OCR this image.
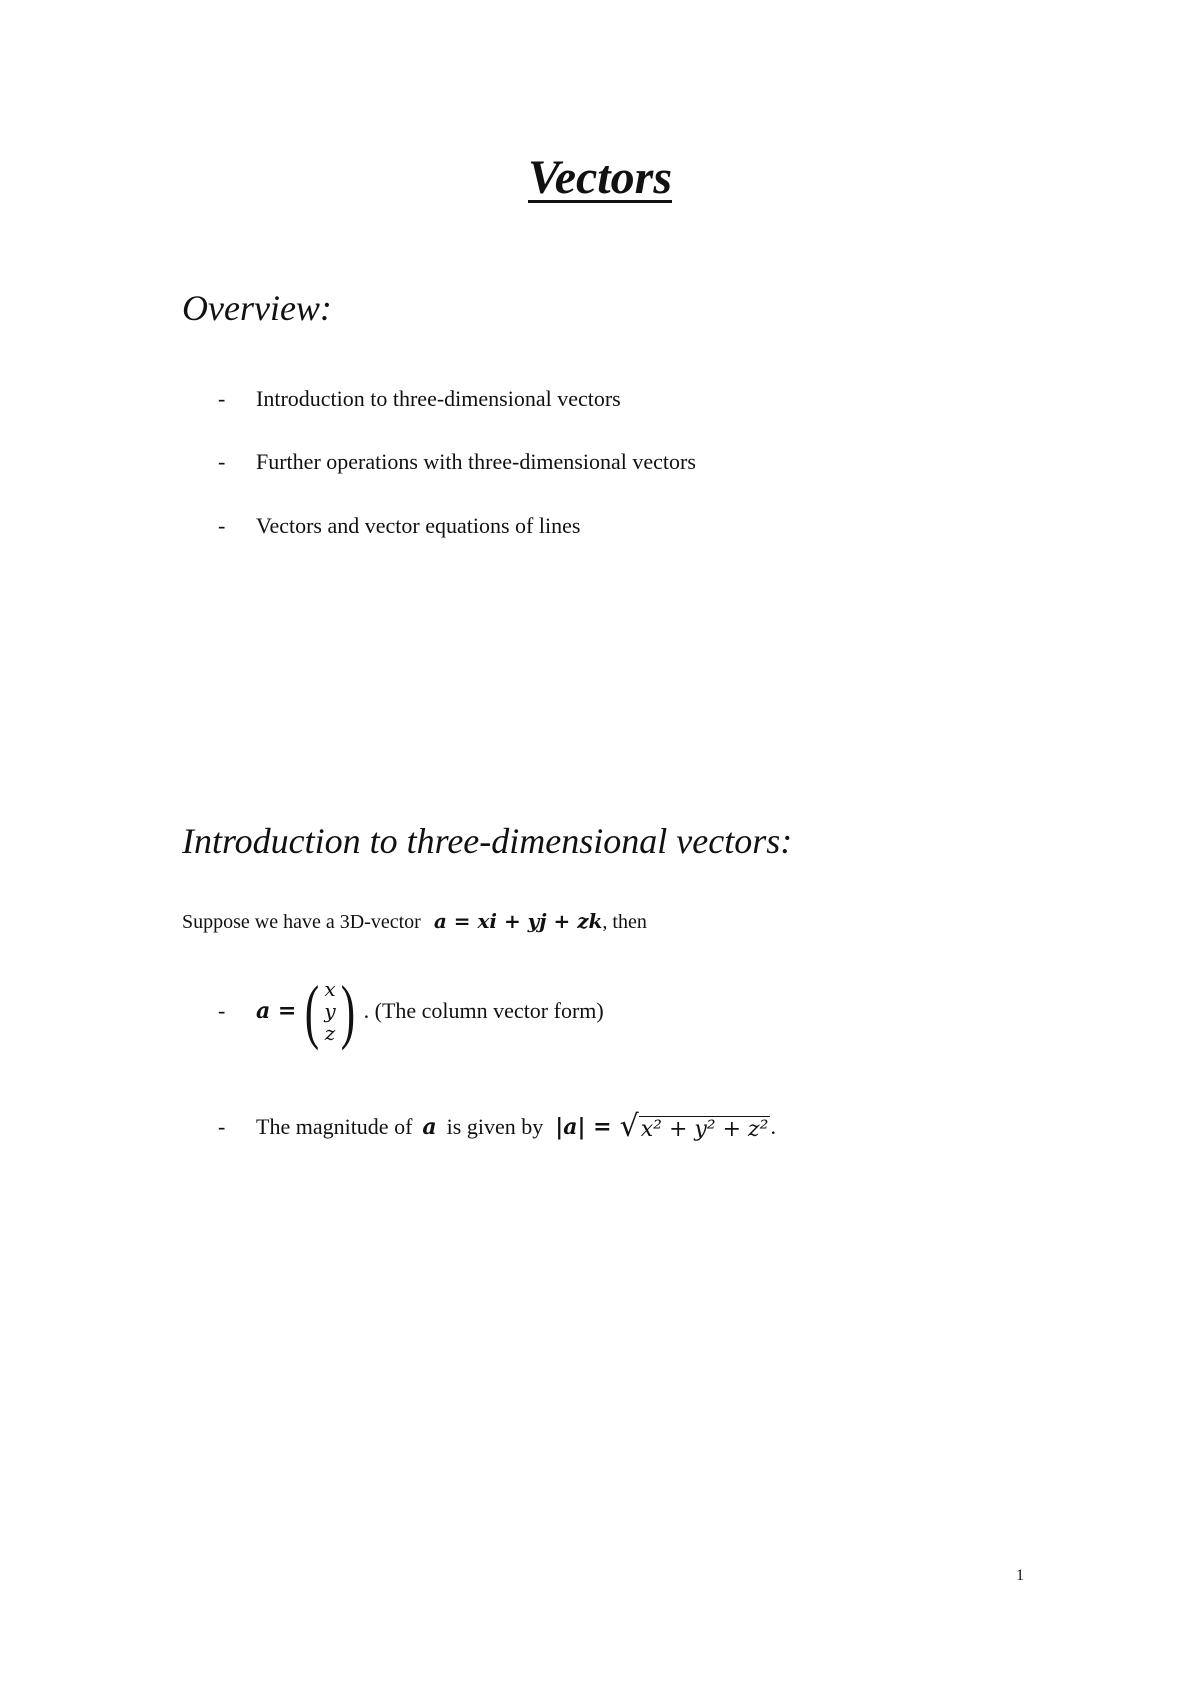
Vectors
Overview:
-	Introduction to three-dimensional vectors
-	Further operations with three-dimensional vectors
-	Vectors and vector equations of lines
Introduction to three-dimensional vectors:
Suppose we have a 3D-vector a = xi + yj + zk, then
-	a = ( x
y
z ) . (The column vector form)
-	The magnitude of a is given by |a| = √ x² + y² + z² .
1
